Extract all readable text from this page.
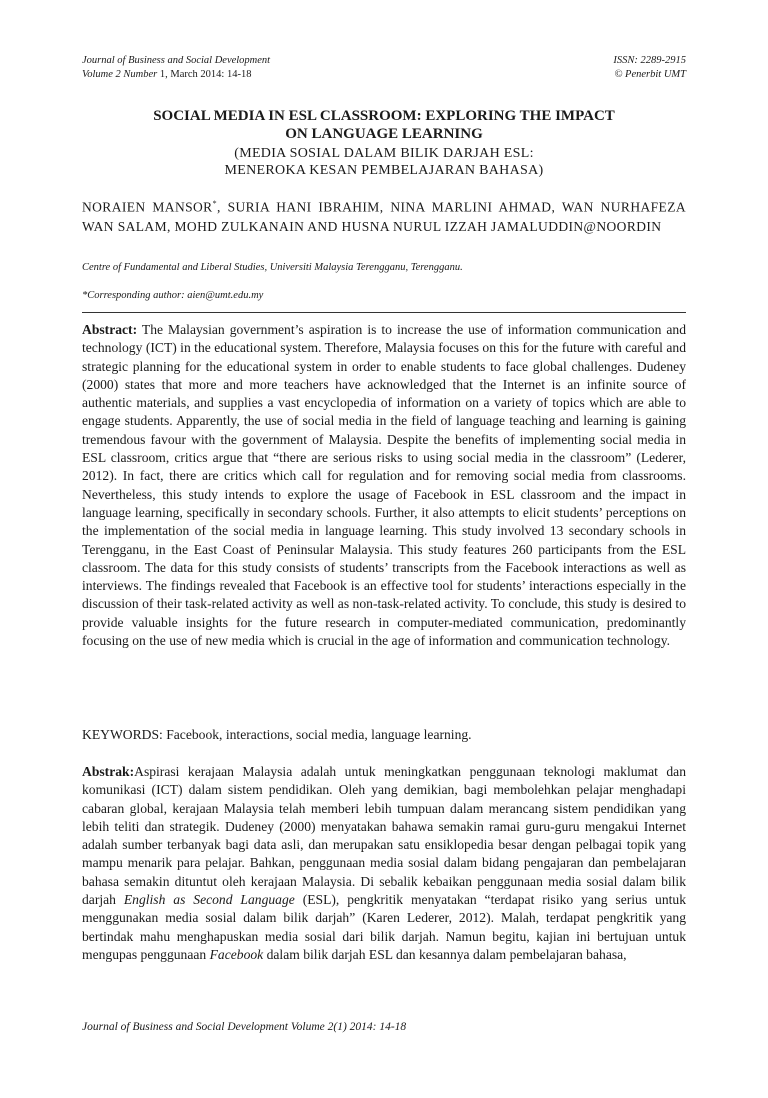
Journal of Business and Social Development
Volume 2 Number 1, March 2014: 14-18
ISSN: 2289-2915
© Penerbit UMT
SOCIAL MEDIA IN ESL CLASSROOM: EXPLORING THE IMPACT
ON LANGUAGE LEARNING
(MEDIA SOSIAL DALAM BILIK DARJAH ESL:
MENEROKA KESAN PEMBELAJARAN BAHASA)
NORAIEN MANSOR*, SURIA HANI IBRAHIM, NINA MARLINI AHMAD, WAN NURHAFEZA WAN SALAM, MOHD ZULKANAIN AND HUSNA NURUL IZZAH JAMALUDDIN@NOORDIN
Centre of Fundamental and Liberal Studies, Universiti Malaysia Terengganu, Terengganu.
*Corresponding author: aien@umt.edu.my
Abstract: The Malaysian government’s aspiration is to increase the use of information communication and technology (ICT) in the educational system. Therefore, Malaysia focuses on this for the future with careful and strategic planning for the educational system in order to enable students to face global challenges. Dudeney (2000) states that more and more teachers have acknowledged that the Internet is an infinite source of authentic materials, and supplies a vast encyclopedia of information on a variety of topics which are able to engage students. Apparently, the use of social media in the field of language teaching and learning is gaining tremendous favour with the government of Malaysia. Despite the benefits of implementing social media in ESL classroom, critics argue that “there are serious risks to using social media in the classroom” (Lederer, 2012). In fact, there are critics which call for regulation and for removing social media from classrooms. Nevertheless, this study intends to explore the usage of Facebook in ESL classroom and the impact in language learning, specifically in secondary schools. Further, it also attempts to elicit students’ perceptions on the implementation of the social media in language learning. This study involved 13 secondary schools in Terengganu, in the East Coast of Peninsular Malaysia. This study features 260 participants from the ESL classroom. The data for this study consists of students’ transcripts from the Facebook interactions as well as interviews. The findings revealed that Facebook is an effective tool for students’ interactions especially in the discussion of their task-related activity as well as non-task-related activity. To conclude, this study is desired to provide valuable insights for the future research in computer-mediated communication, predominantly focusing on the use of new media which is crucial in the age of information and communication technology.
KEYWORDS: Facebook, interactions, social media, language learning.
Abstrak:Aspirasi kerajaan Malaysia adalah untuk meningkatkan penggunaan teknologi maklumat dan komunikasi (ICT) dalam sistem pendidikan. Oleh yang demikian, bagi membolehkan pelajar menghadapi cabaran global, kerajaan Malaysia telah memberi lebih tumpuan dalam merancang sistem pendidikan yang lebih teliti dan strategik. Dudeney (2000) menyatakan bahawa semakin ramai guru-guru mengakui Internet adalah sumber terbanyak bagi data asli, dan merupakan satu ensiklopedia besar dengan pelbagai topik yang mampu menarik para pelajar. Bahkan, penggunaan media sosial dalam bidang pengajaran dan pembelajaran bahasa semakin dituntut oleh kerajaan Malaysia. Di sebalik kebaikan penggunaan media sosial dalam bilik darjah English as Second Language (ESL), pengkritik menyatakan “terdapat risiko yang serius untuk menggunakan media sosial dalam bilik darjah” (Karen Lederer, 2012). Malah, terdapat pengkritik yang bertindak mahu menghapuskan media sosial dari bilik darjah. Namun begitu, kajian ini bertujuan untuk mengupas penggunaan Facebook dalam bilik darjah ESL dan kesannya dalam pembelajaran bahasa,
Journal of Business and Social Development Volume 2(1) 2014: 14-18
